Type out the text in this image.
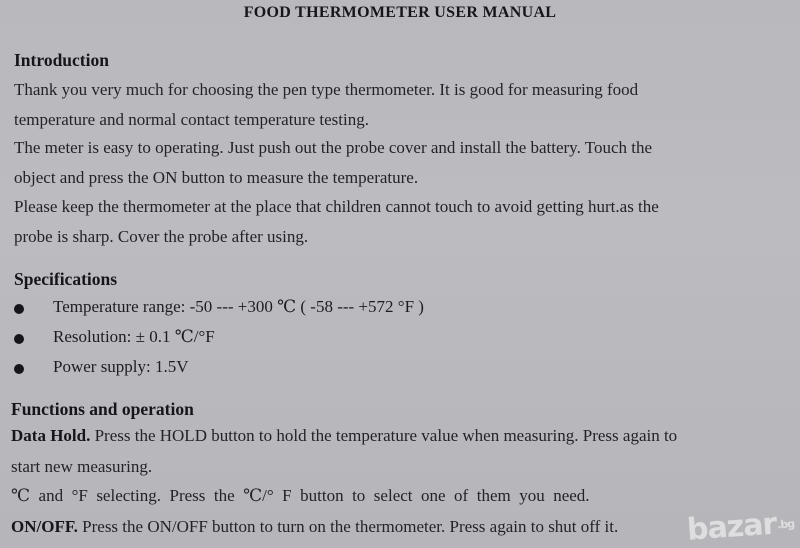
FOOD THERMOMETER USER MANUAL
Introduction
Thank you very much for choosing the pen type thermometer. It is good for measuring food
temperature and normal contact temperature testing.
The meter is easy to operating. Just push out the probe cover and install the battery. Touch the
object and press the ON button to measure the temperature.
Please keep the thermometer at the place that children cannot touch to avoid getting hurt.as the
probe is sharp. Cover the probe after using.
Specifications
Temperature range: -50 --- +300 ℃ ( -58 --- +572 °F )
Resolution: ± 0.1 ℃/°F
Power supply: 1.5V
Functions and operation
Data Hold. Press the HOLD button to hold the temperature value when measuring. Press again to
start new measuring.
℃  and  °F  selecting.  Press  the  ℃/°  F  button  to  select  one  of  them  you  need.
ON/OFF. Press the ON/OFF button to turn on the thermometer. Press again to shut off it.	bazar.bg
